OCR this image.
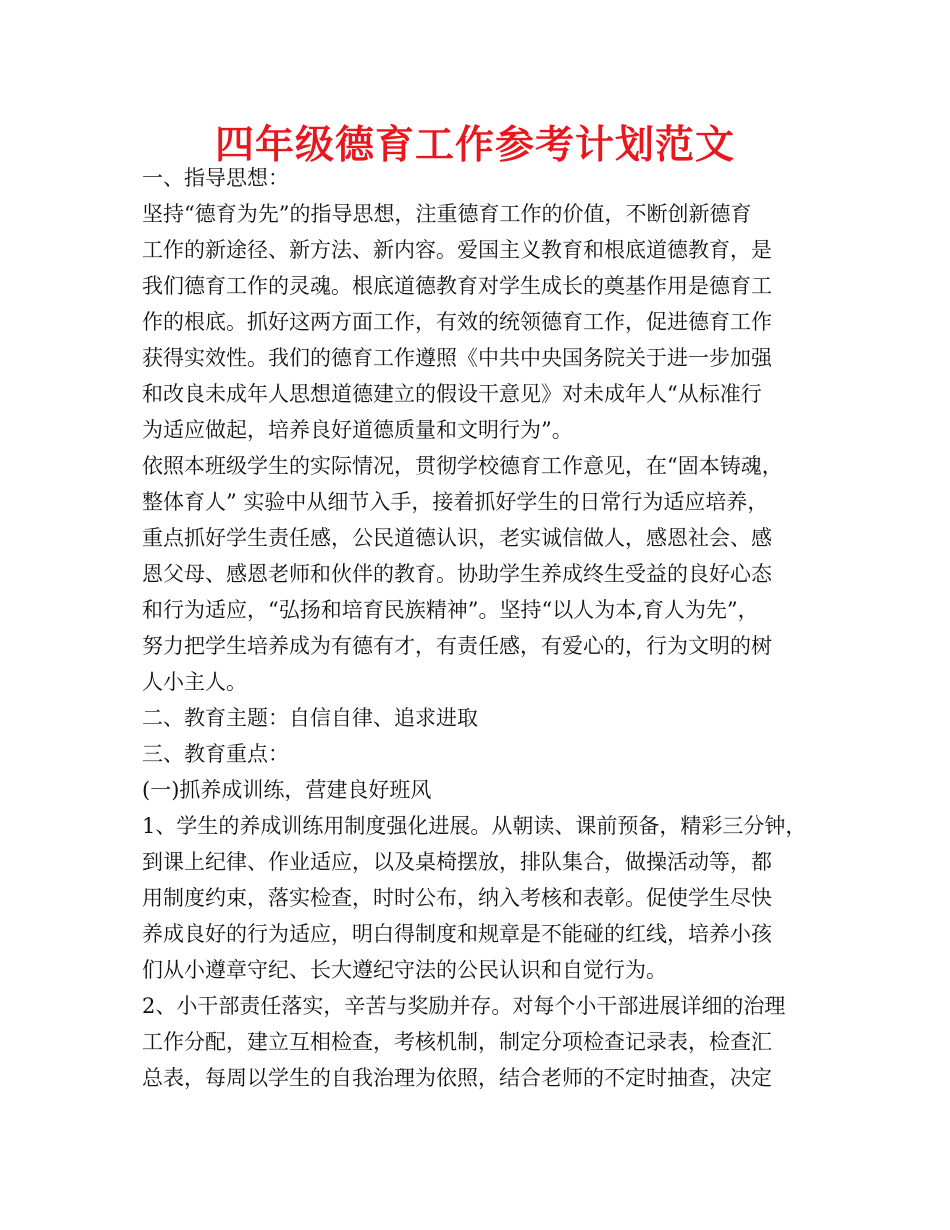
四年级德育工作参考计划范文
一、指导思想：
坚持“德育为先”的指导思想，注重德育工作的价值，不断创新德育
工作的新途径、新方法、新内容。爱国主义教育和根底道德教育，是
我们德育工作的灵魂。根底道德教育对学生成长的奠基作用是德育工
作的根底。抓好这两方面工作，有效的统领德育工作，促进德育工作
获得实效性。我们的德育工作遵照《中共中央国务院关于进一步加强
和改良未成年人思想道德建立的假设干意见》对未成年人“从标准行
为适应做起，培养良好道德质量和文明行为”。
依照本班级学生的实际情况，贯彻学校德育工作意见，在“固本铸魂，
整体育人” 实验中从细节入手，接着抓好学生的日常行为适应培养，
重点抓好学生责任感，公民道德认识，老实诚信做人，感恩社会、感
恩父母、感恩老师和伙伴的教育。协助学生养成终生受益的良好心态
和行为适应，“弘扬和培育民族精神”。坚持“以人为本,育人为先”，
努力把学生培养成为有德有才，有责任感，有爱心的，行为文明的树
人小主人。
二、教育主题：自信自律、追求进取
三、教育重点：
(一)抓养成训练，营建良好班风
1、学生的养成训练用制度强化进展。从朝读、课前预备，精彩三分钟，
到课上纪律、作业适应，以及桌椅摆放，排队集合，做操活动等，都
用制度约束，落实检查，时时公布，纳入考核和表彰。促使学生尽快
养成良好的行为适应，明白得制度和规章是不能碰的红线，培养小孩
们从小遵章守纪、长大遵纪守法的公民认识和自觉行为。
2、小干部责任落实，辛苦与奖励并存。对每个小干部进展详细的治理
工作分配，建立互相检查，考核机制，制定分项检查记录表，检查汇
总表，每周以学生的自我治理为依照，结合老师的不定时抽查，决定
